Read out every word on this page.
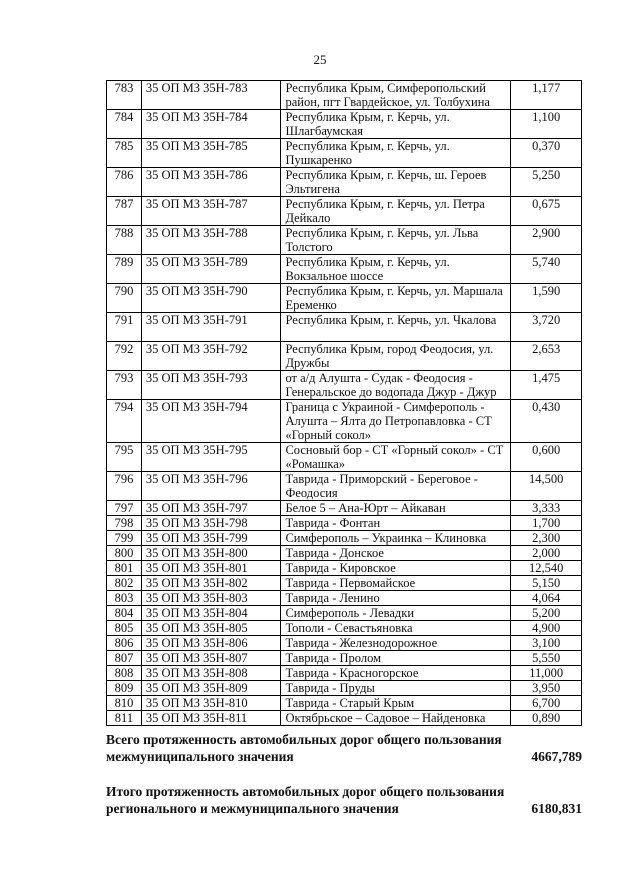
25
783	35 ОП МЗ 35Н-783	Республика Крым, Симферопольский район, пгт Гвардейское, ул. Толбухина	1,177
784	35 ОП МЗ 35Н-784	Республика Крым, г. Керчь, ул. Шлагбаумская	1,100
785	35 ОП МЗ 35Н-785	Республика Крым, г. Керчь, ул. Пушкаренко	0,370
786	35 ОП МЗ 35Н-786	Республика Крым, г. Керчь, ш. Героев Эльтигена	5,250
787	35 ОП МЗ 35Н-787	Республика Крым, г. Керчь, ул. Петра Дейкало	0,675
788	35 ОП МЗ 35Н-788	Республика Крым, г. Керчь, ул. Льва Толстого	2,900
789	35 ОП МЗ 35Н-789	Республика Крым, г. Керчь, ул. Вокзальное шоссе	5,740
790	35 ОП МЗ 35Н-790	Республика Крым, г. Керчь, ул. Маршала Еременко	1,590
791	35 ОП МЗ 35Н-791	Республика Крым, г. Керчь, ул. Чкалова	3,720
792	35 ОП МЗ 35Н-792	Республика Крым, город Феодосия, ул. Дружбы	2,653
793	35 ОП МЗ 35Н-793	от а/д Алушта - Судак - Феодосия - Генеральское до водопада Джур - Джур	1,475
794	35 ОП МЗ 35Н-794	Граница с Украиной - Симферополь - Алушта – Ялта до Петропавловка - СТ «Горный сокол»	0,430
795	35 ОП МЗ 35Н-795	Сосновый бор - СТ «Горный сокол» - СТ «Ромашка»	0,600
796	35 ОП МЗ 35Н-796	Таврида - Приморский - Береговое - Феодосия	14,500
797	35 ОП МЗ 35Н-797	Белое 5 – Ана-Юрт – Айкаван	3,333
798	35 ОП МЗ 35Н-798	Таврида - Фонтан	1,700
799	35 ОП МЗ 35Н-799	Симферополь – Украинка – Клиновка	2,300
800	35 ОП МЗ 35Н-800	Таврида - Донское	2,000
801	35 ОП МЗ 35Н-801	Таврида - Кировское	12,540
802	35 ОП МЗ 35Н-802	Таврида - Первомайское	5,150
803	35 ОП МЗ 35Н-803	Таврида - Ленино	4,064
804	35 ОП МЗ 35Н-804	Симферополь - Левадки	5,200
805	35 ОП МЗ 35Н-805	Тополи - Севастьяновка	4,900
806	35 ОП МЗ 35Н-806	Таврида - Железнодорожное	3,100
807	35 ОП МЗ 35Н-807	Таврида - Пролом	5,550
808	35 ОП МЗ 35Н-808	Таврида - Красногорское	11,000
809	35 ОП МЗ 35Н-809	Таврида - Пруды	3,950
810	35 ОП МЗ 35Н-810	Таврида - Старый Крым	6,700
811	35 ОП МЗ 35Н-811	Октябрьское – Садовое – Найденовка	0,890
Всего протяженность автомобильных дорог общего пользования межмуниципального значения	4667,789
Итого протяженность автомобильных дорог общего пользования регионального и межмуниципального значения	6180,831
